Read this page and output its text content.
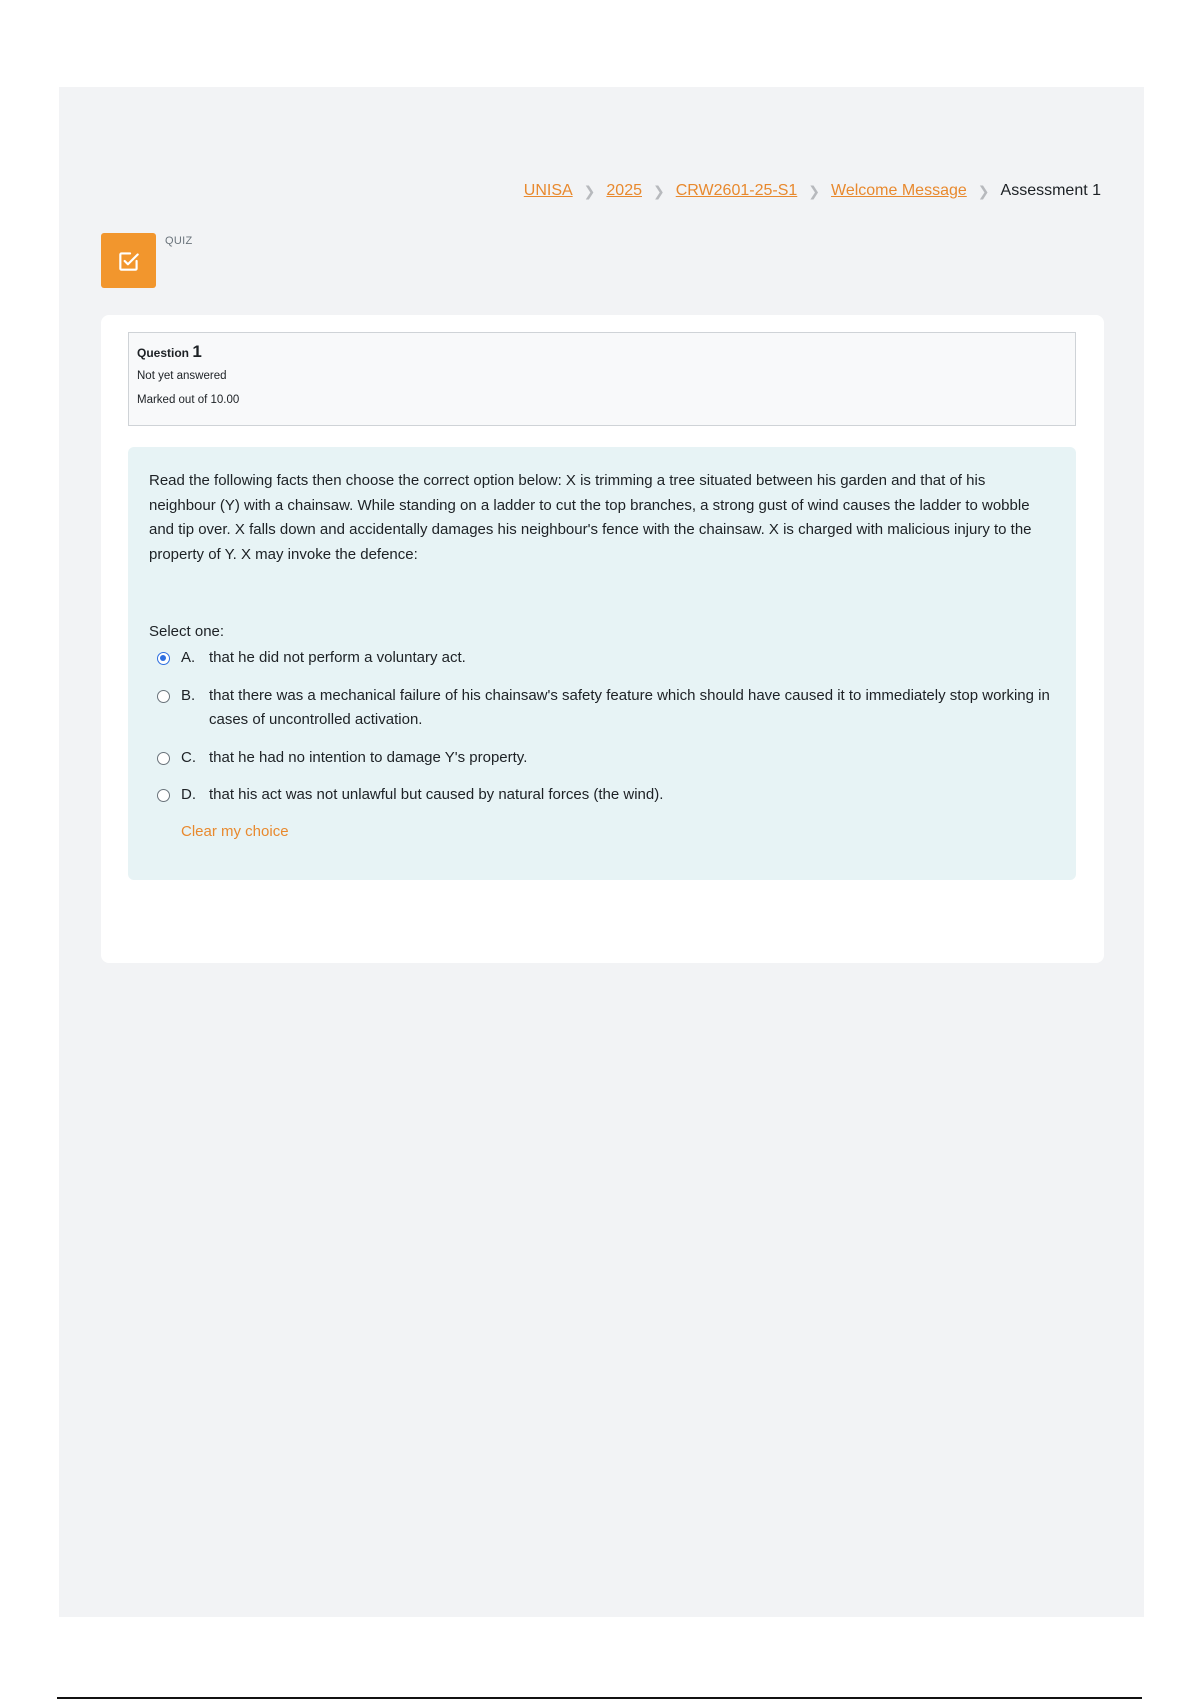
UNISA ❯ 2025 ❯ CRW2601-25-S1 ❯ Welcome Message ❯ Assessment 1
QUIZ
Question 1
Not yet answered
Marked out of 10.00

Read the following facts then choose the correct option below: X is trimming a tree situated between his garden and that of his neighbour (Y) with a chainsaw. While standing on a ladder to cut the top branches, a strong gust of wind causes the ladder to wobble and tip over. X falls down and accidentally damages his neighbour's fence with the chainsaw. X is charged with malicious injury to the property of Y. X may invoke the defence:

Select one:
A. that he did not perform a voluntary act.
B. that there was a mechanical failure of his chainsaw's safety feature which should have caused it to immediately stop working in cases of uncontrolled activation.
C. that he had no intention to damage Y's property.
D. that his act was not unlawful but caused by natural forces (the wind).
Clear my choice
